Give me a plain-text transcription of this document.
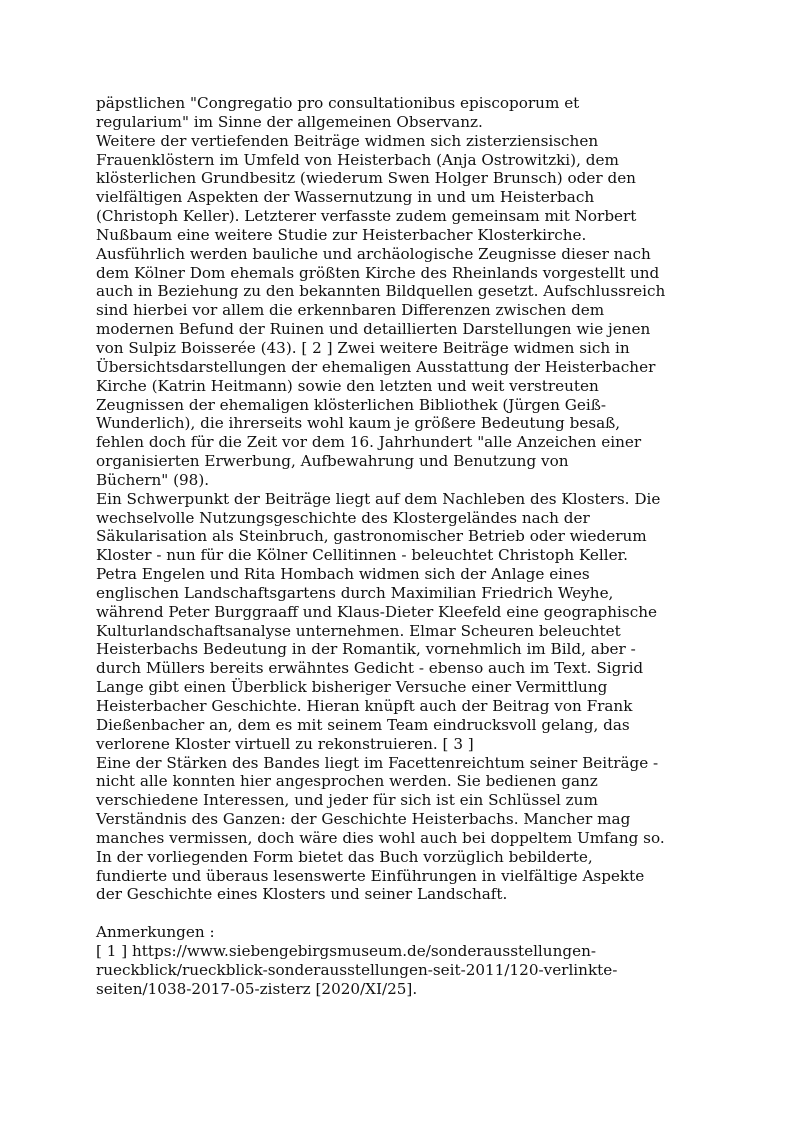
päpstlichen "Congregatio pro consultationibus episcoporum et
regularium" im Sinne der allgemeinen Observanz.

Weitere der vertiefenden Beiträge widmen sich zisterziensischen
Frauenklöstern im Umfeld von Heisterbach (Anja Ostrowitzki), dem
klösterlichen Grundbesitz (wiederum Swen Holger Brunsch) oder den
vielfältigen Aspekten der Wassernutzung in und um Heisterbach
(Christoph Keller). Letzterer verfasste zudem gemeinsam mit Norbert
Nußbaum eine weitere Studie zur Heisterbacher Klosterkirche.
Ausführlich werden bauliche und archäologische Zeugnisse dieser nach
dem Kölner Dom ehemals größten Kirche des Rheinlands vorgestellt und
auch in Beziehung zu den bekannten Bildquellen gesetzt. Aufschlussreich
sind hierbei vor allem die erkennbaren Differenzen zwischen dem
modernen Befund der Ruinen und detaillierten Darstellungen wie jenen
von Sulpiz Boisserée (43). [ 2 ] Zwei weitere Beiträge widmen sich in
Übersichtsdarstellungen der ehemaligen Ausstattung der Heisterbacher
Kirche (Katrin Heitmann) sowie den letzten und weit verstreuten
Zeugnissen der ehemaligen klösterlichen Bibliothek (Jürgen Geiß-
Wunderlich), die ihrerseits wohl kaum je größere Bedeutung besaß,
fehlen doch für die Zeit vor dem 16. Jahrhundert "alle Anzeichen einer
organisierten Erwerbung, Aufbewahrung und Benutzung von
Büchern" (98).

Ein Schwerpunkt der Beiträge liegt auf dem Nachleben des Klosters. Die
wechselvolle Nutzungsgeschichte des Klostergeländes nach der
Säkularisation als Steinbruch, gastronomischer Betrieb oder wiederum
Kloster - nun für die Kölner Cellitinnen - beleuchtet Christoph Keller.
Petra Engelen und Rita Hombach widmen sich der Anlage eines
englischen Landschaftsgartens durch Maximilian Friedrich Weyhe,
während Peter Burggraaff und Klaus-Dieter Kleefeld eine geographische
Kulturlandschaftsanalyse unternehmen. Elmar Scheuren beleuchtet
Heisterbachs Bedeutung in der Romantik, vornehmlich im Bild, aber -
durch Müllers bereits erwähntes Gedicht - ebenso auch im Text. Sigrid
Lange gibt einen Überblick bisheriger Versuche einer Vermittlung
Heisterbacher Geschichte. Hieran knüpft auch der Beitrag von Frank
Dießenbacher an, dem es mit seinem Team eindrucksvoll gelang, das
verlorene Kloster virtuell zu rekonstruieren. [ 3 ]

Eine der Stärken des Bandes liegt im Facettenreichtum seiner Beiträge -
nicht alle konnten hier angesprochen werden. Sie bedienen ganz
verschiedene Interessen, und jeder für sich ist ein Schlüssel zum
Verständnis des Ganzen: der Geschichte Heisterbachs. Mancher mag
manches vermissen, doch wäre dies wohl auch bei doppeltem Umfang so.
In der vorliegenden Form bietet das Buch vorzüglich bebilderte,
fundierte und überaus lesenswerte Einführungen in vielfältige Aspekte
der Geschichte eines Klosters und seiner Landschaft.

Anmerkungen :

[ 1 ] https://www.siebengebirgsmuseum.de/sonderausstellungen-
rueckblick/rueckblick-sonderausstellungen-seit-2011/120-verlinkte-
seiten/1038-2017-05-zisterz [2020/XI/25].
